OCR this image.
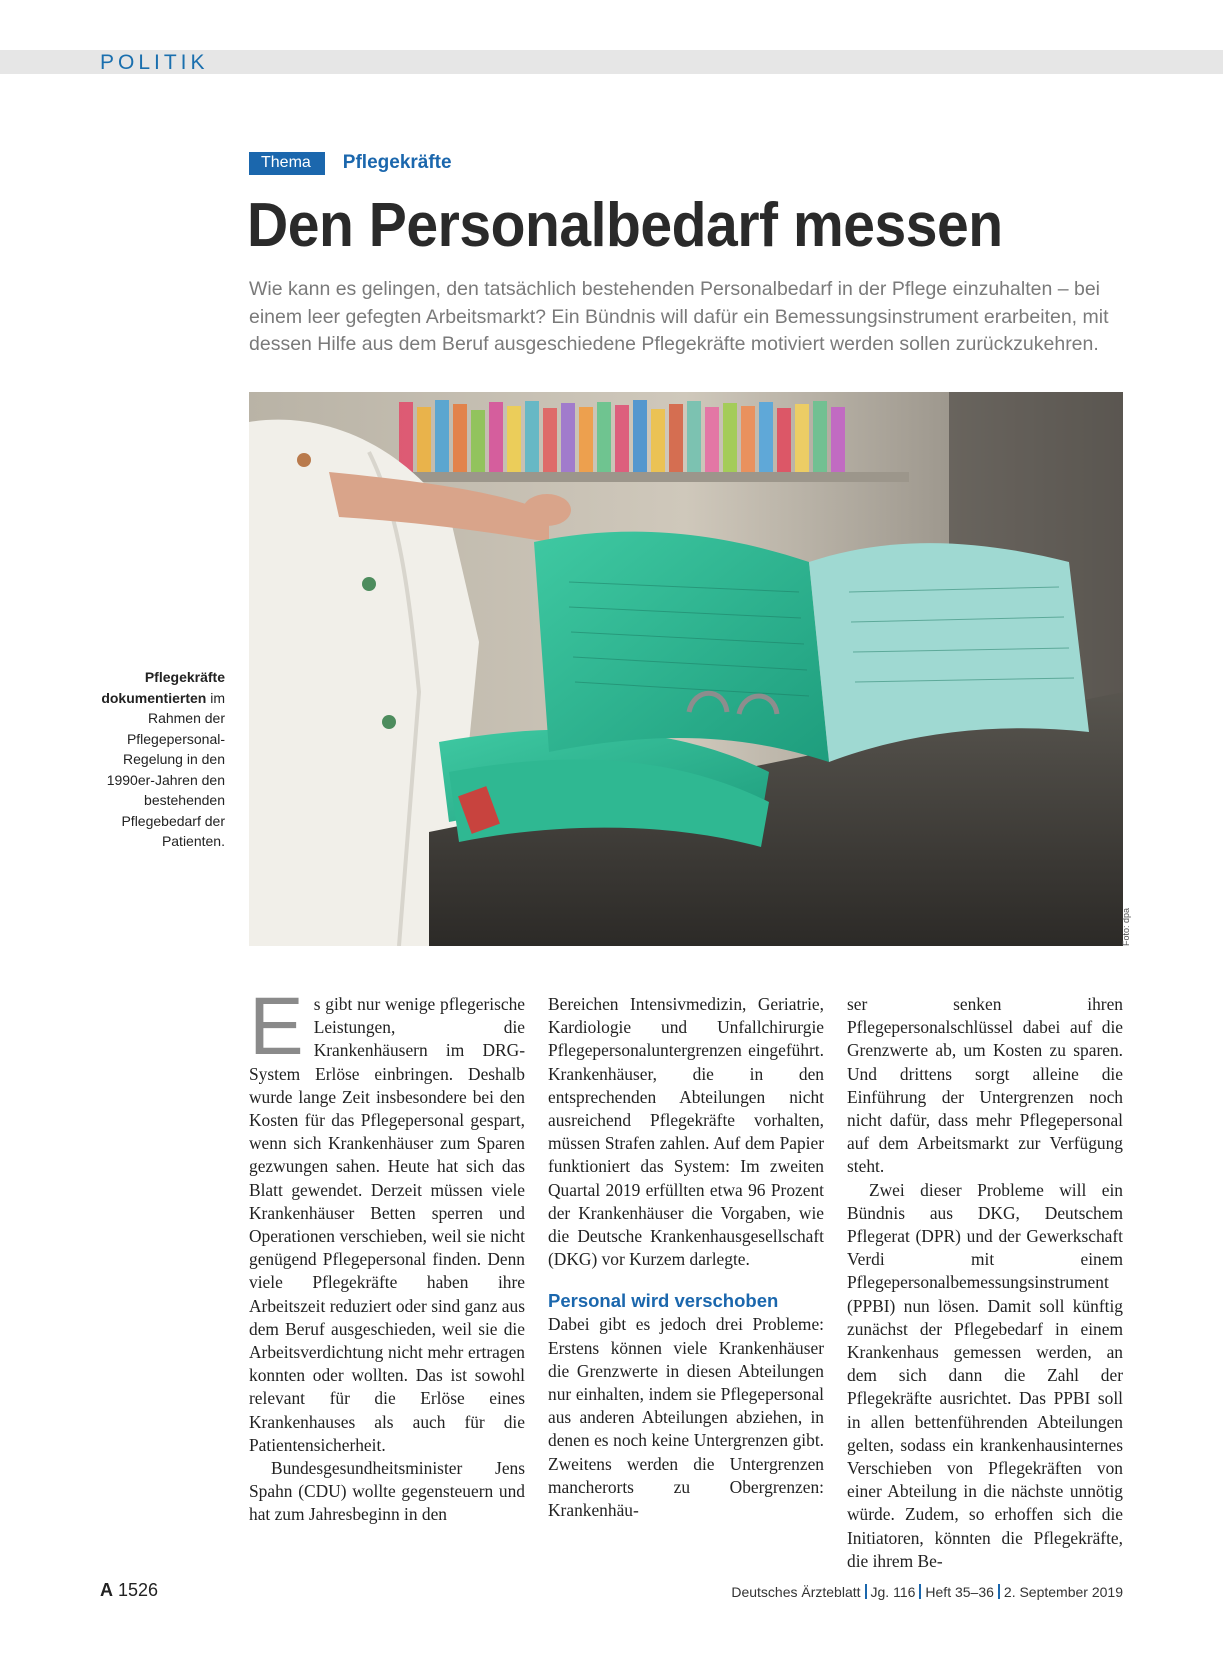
POLITIK
Thema	Pflegekräfte
Den Personalbedarf messen

Wie kann es gelingen, den tatsächlich bestehenden Personalbedarf in der Pflege einzuhalten – bei einem leer gefegten Arbeitsmarkt? Ein Bündnis will dafür ein Bemessungsinstrument erarbeiten, mit dessen Hilfe aus dem Beruf ausgeschiedene Pflegekräfte motiviert werden sollen zurückzukehren.

Foto: dpa

Pflegekräfte dokumentierten im Rahmen der Pflegepersonal-Regelung in den 1990er-Jahren den bestehenden Pflegebedarf der Patienten.

E s gibt nur wenige pflegerische Leistungen, die Krankenhäusern im DRG-System Erlöse einbringen. Deshalb wurde lange Zeit insbesondere bei den Kosten für das Pflegepersonal gespart, wenn sich Krankenhäuser zum Sparen gezwungen sahen. Heute hat sich das Blatt gewendet. Derzeit müssen viele Krankenhäuser Betten sperren und Operationen verschieben, weil sie nicht genügend Pflegepersonal finden. Denn viele Pflegekräfte haben ihre Arbeitszeit reduziert oder sind ganz aus dem Beruf ausgeschieden, weil sie die Arbeitsverdichtung nicht mehr ertragen konnten oder wollten. Das ist sowohl relevant für die Erlöse eines Krankenhauses als auch für die Patientensicherheit.

Bundesgesundheitsminister Jens Spahn (CDU) wollte gegensteuern und hat zum Jahresbeginn in den

Bereichen Intensivmedizin, Geriatrie, Kardiologie und Unfallchirurgie Pflegepersonaluntergrenzen eingeführt. Krankenhäuser, die in den entsprechenden Abteilungen nicht ausreichend Pflegekräfte vorhalten, müssen Strafen zahlen. Auf dem Papier funktioniert das System: Im zweiten Quartal 2019 erfüllten etwa 96 Prozent der Krankenhäuser die Vorgaben, wie die Deutsche Krankenhausgesellschaft (DKG) vor Kurzem darlegte.

Personal wird verschoben

Dabei gibt es jedoch drei Probleme: Erstens können viele Krankenhäuser die Grenzwerte in diesen Abteilungen nur einhalten, indem sie Pflegepersonal aus anderen Abteilungen abziehen, in denen es noch keine Untergrenzen gibt. Zweitens werden die Untergrenzen mancherorts zu Obergrenzen: Krankenhäu-

ser senken ihren Pflegepersonalschlüssel dabei auf die Grenzwerte ab, um Kosten zu sparen. Und drittens sorgt alleine die Einführung der Untergrenzen noch nicht dafür, dass mehr Pflegepersonal auf dem Arbeitsmarkt zur Verfügung steht.

Zwei dieser Probleme will ein Bündnis aus DKG, Deutschem Pflegerat (DPR) und der Gewerkschaft Verdi mit einem Pflegepersonalbemessungsinstrument (PPBI) nun lösen. Damit soll künftig zunächst der Pflegebedarf in einem Krankenhaus gemessen werden, an dem sich dann die Zahl der Pflegekräfte ausrichtet. Das PPBI soll in allen bettenführenden Abteilungen gelten, sodass ein krankenhausinternes Verschieben von Pflegekräften von einer Abteilung in die nächste unnötig würde. Zudem, so erhoffen sich die Initiatoren, könnten die Pflegekräfte, die ihrem Be-

A 1526	Deutsches Ärzteblatt Jg. 116 Heft 35–36 2. September 2019
